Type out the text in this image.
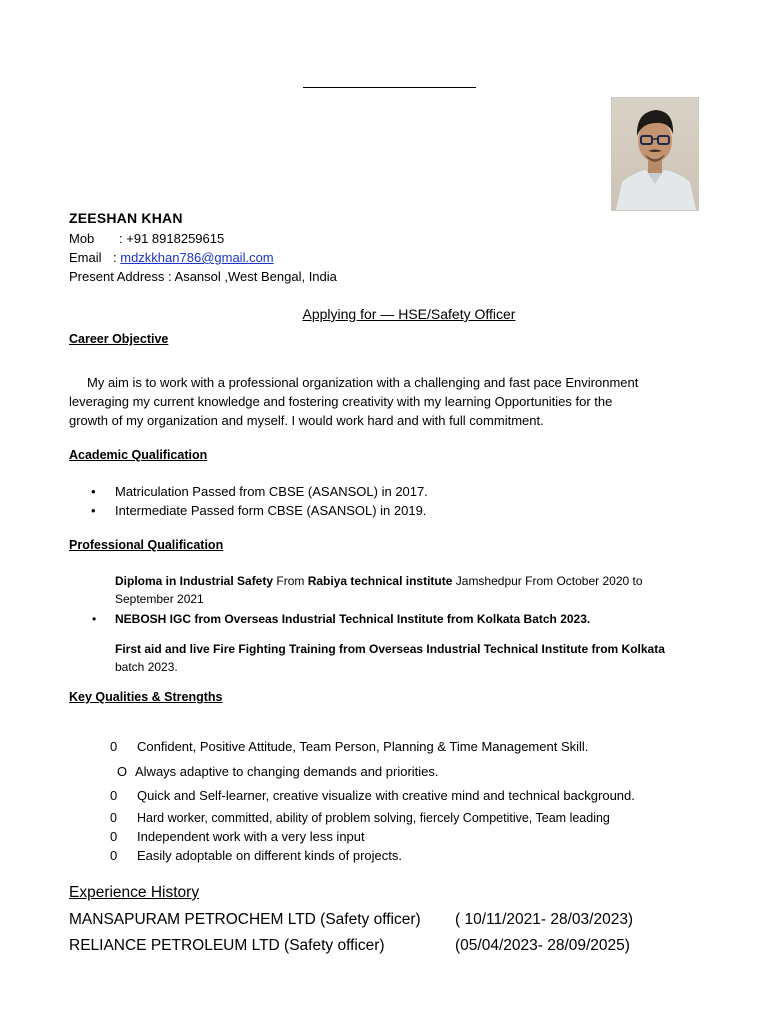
ZEESHAN KHAN
Mob : +91 8918259615
Email : mdzkkhan786@gmail.com
Present Address : Asansol ,West Bengal, India
Applying for — HSE/Safety Officer
Career Objective
My aim is to work with a professional organization with a challenging and fast pace Environment
leveraging my current knowledge and fostering creativity with my learning Opportunities for the
growth of my organization and myself. I would work hard and with full commitment.
Academic Qualification
• Matriculation Passed from CBSE (ASANSOL) in 2017.
• Intermediate Passed form CBSE (ASANSOL) in 2019.
Professional Qualification
Diploma in Industrial Safety From Rabiya technical institute Jamshedpur From October 2020 to
September 2021
• NEBOSH IGC from Overseas Industrial Technical Institute from Kolkata Batch 2023.
First aid and live Fire Fighting Training from Overseas Industrial Technical Institute from Kolkata
batch 2023.
Key Qualities & Strengths
0 Confident, Positive Attitude, Team Person, Planning & Time Management Skill.
O Always adaptive to changing demands and priorities.
0 Quick and Self-learner, creative visualize with creative mind and technical background.
0 Hard worker, committed, ability of problem solving, fiercely Competitive, Team leading
0 Independent work with a very less input
0 Easily adoptable on different kinds of projects.
Experience History
MANSAPURAM PETROCHEM LTD (Safety officer) ( 10/11/2021- 28/03/2023)
RELIANCE PETROLEUM LTD (Safety officer)	(05/04/2023- 28/09/2025)
